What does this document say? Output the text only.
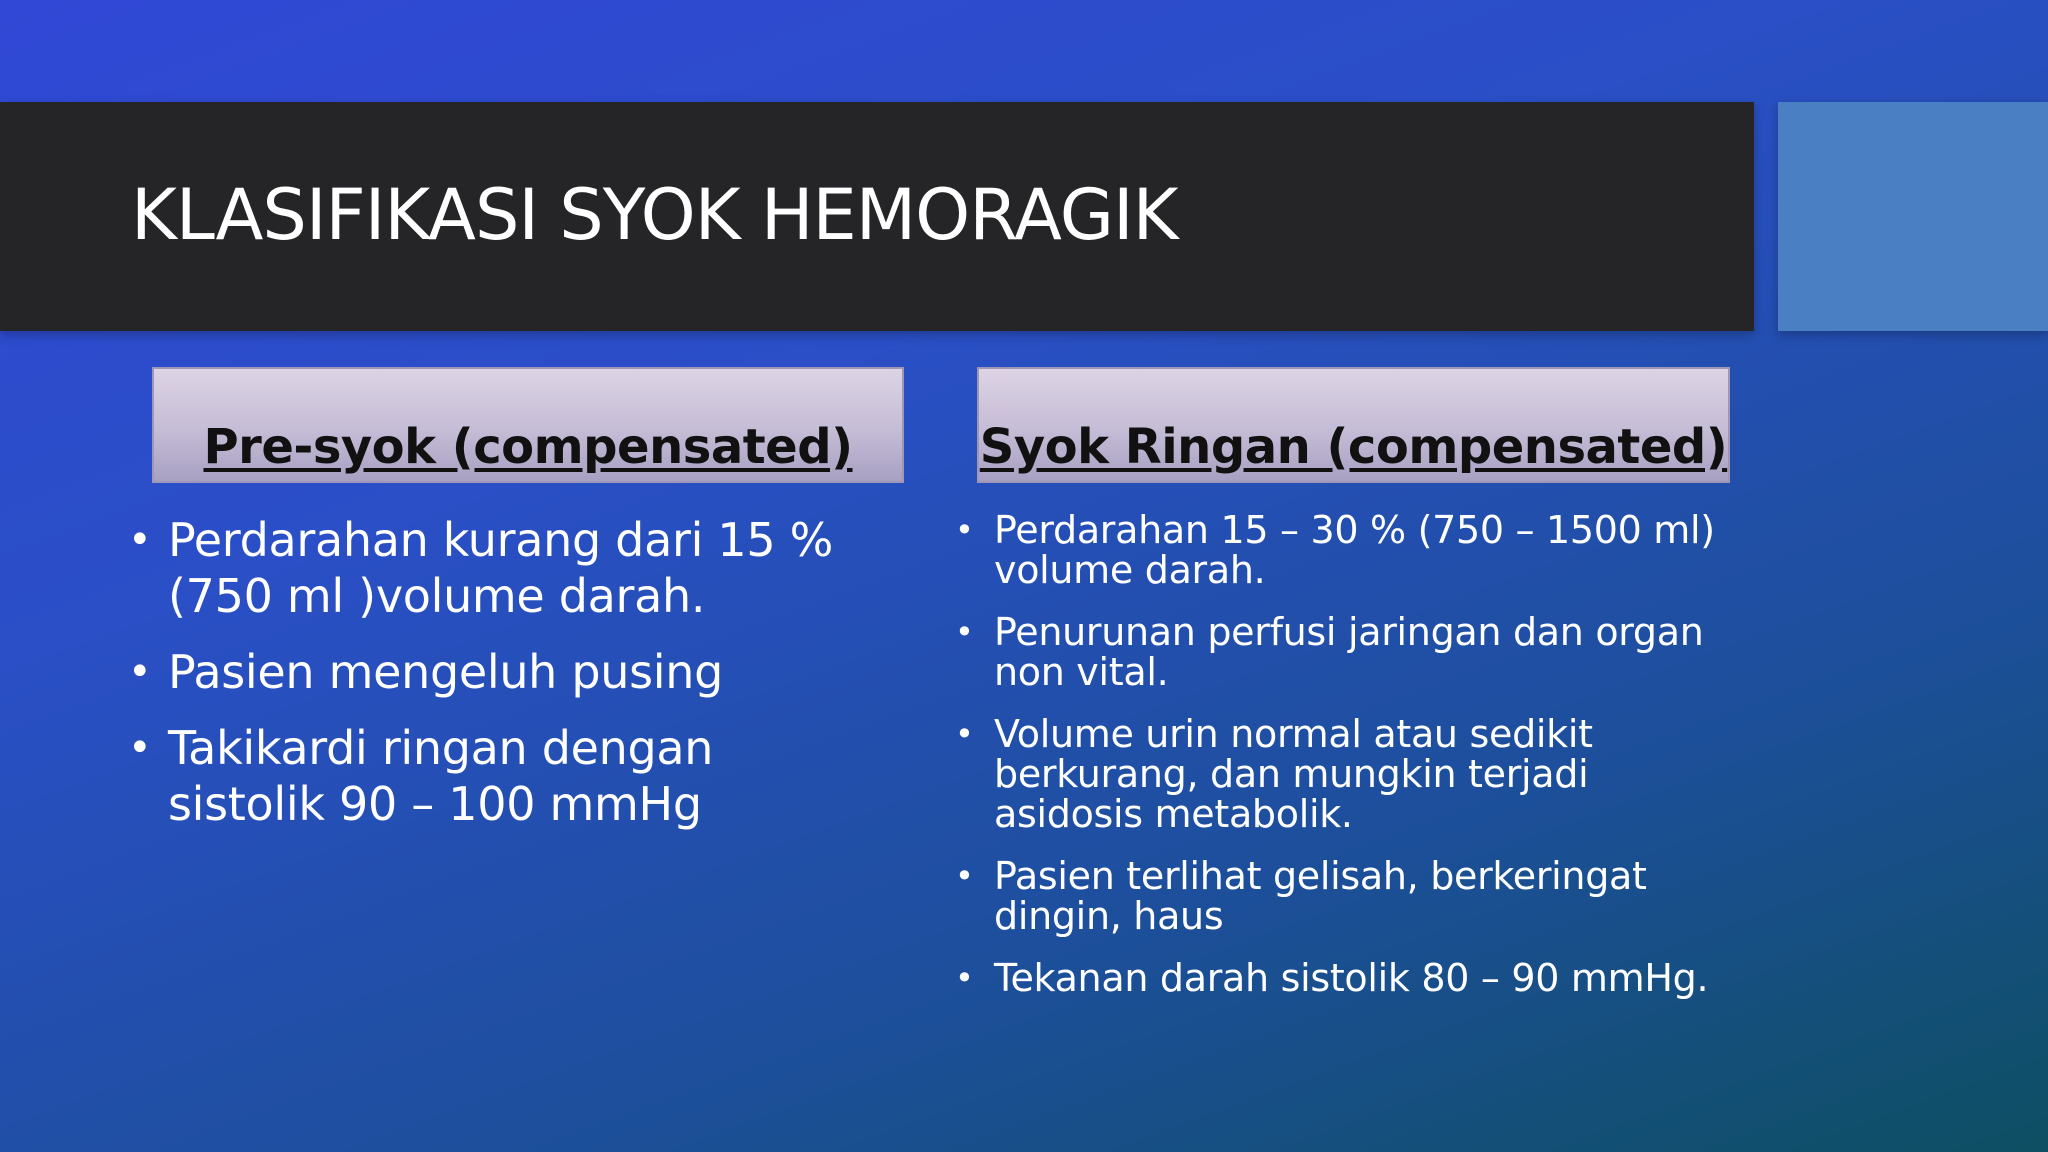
KLASIFIKASI SYOK HEMORAGIK
Pre-syok (compensated)	Syok Ringan (compensated)
• Perdarahan kurang dari 15 % (750 ml )volume darah.
• Pasien mengeluh pusing
• Takikardi ringan dengan sistolik 90 – 100 mmHg
• Perdarahan 15 – 30 % (750 – 1500 ml) volume darah.
• Penurunan perfusi jaringan dan organ non vital.
• Volume urin normal atau sedikit berkurang, dan mungkin terjadi asidosis metabolik.
• Pasien terlihat gelisah, berkeringat dingin, haus
• Tekanan darah sistolik 80 – 90 mmHg.
